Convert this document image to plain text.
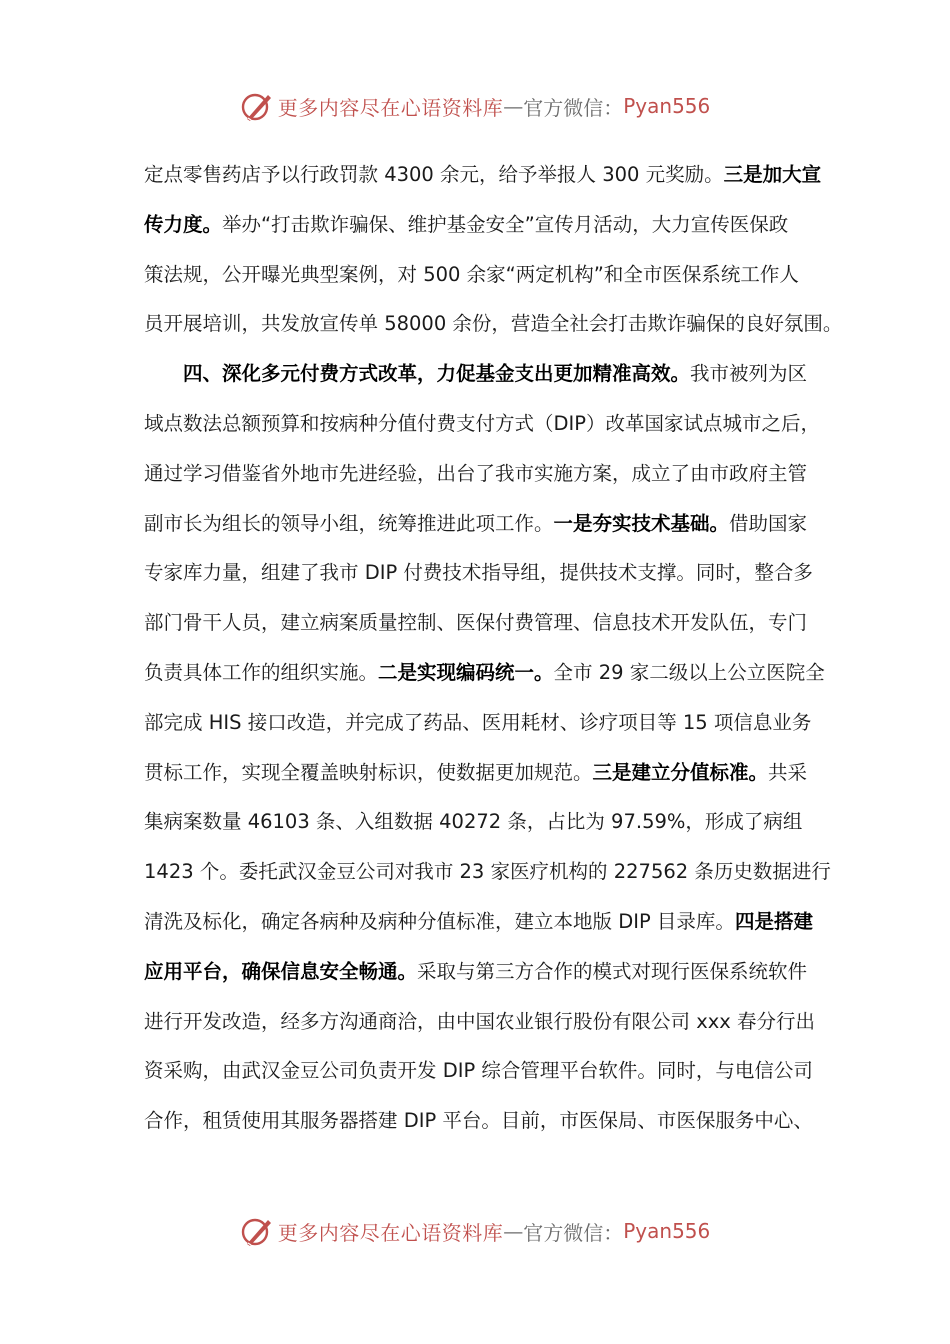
更多内容尽在心语资料库 — 官方微信： Pyan556
定点零售药店予以行政罚款 4300 余元，给予举报人 300 元奖励。三是加大宣
传力度。举办“打击欺诈骗保、维护基金安全”宣传月活动，大力宣传医保政
策法规，公开曝光典型案例，对 500 余家“两定机构”和全市医保系统工作人
员开展培训，共发放宣传单 58000 余份，营造全社会打击欺诈骗保的良好氛围。
四、深化多元付费方式改革，力促基金支出更加精准高效。我市被列为区
域点数法总额预算和按病种分值付费支付方式（DIP）改革国家试点城市之后，
通过学习借鉴省外地市先进经验，出台了我市实施方案，成立了由市政府主管
副市长为组长的领导小组，统筹推进此项工作。一是夯实技术基础。借助国家
专家库力量，组建了我市 DIP 付费技术指导组，提供技术支撑。同时，整合多
部门骨干人员，建立病案质量控制、医保付费管理、信息技术开发队伍，专门
负责具体工作的组织实施。二是实现编码统一。全市 29 家二级以上公立医院全
部完成 HIS 接口改造，并完成了药品、医用耗材、诊疗项目等 15 项信息业务
贯标工作，实现全覆盖映射标识，使数据更加规范。三是建立分值标准。共采
集病案数量 46103 条、入组数据 40272 条，占比为 97.59%，形成了病组
1423 个。委托武汉金豆公司对我市 23 家医疗机构的 227562 条历史数据进行
清洗及标化，确定各病种及病种分值标准，建立本地版 DIP 目录库。四是搭建
应用平台，确保信息安全畅通。采取与第三方合作的模式对现行医保系统软件
进行开发改造，经多方沟通商洽，由中国农业银行股份有限公司 xxx 春分行出
资采购，由武汉金豆公司负责开发 DIP 综合管理平台软件。同时，与电信公司
合作，租赁使用其服务器搭建 DIP 平台。目前，市医保局、市医保服务中心、
更多内容尽在心语资料库 — 官方微信： Pyan556
